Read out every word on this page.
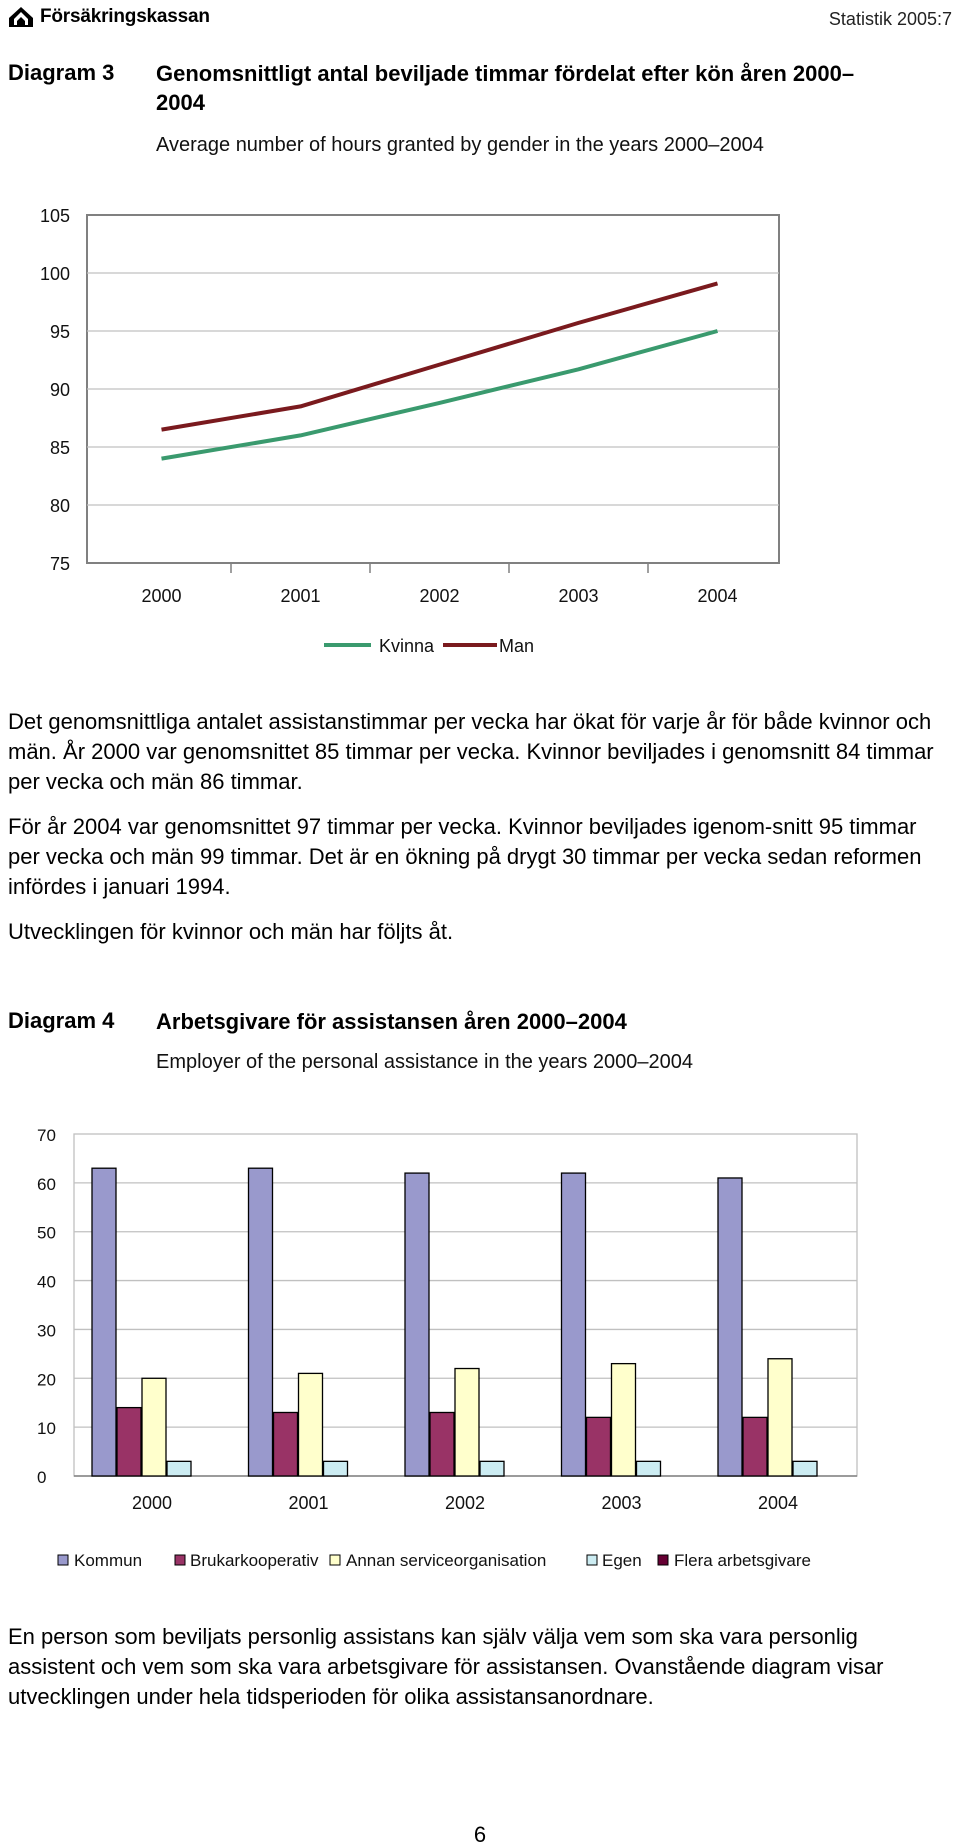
Försäkringskassan	Statistik 2005:7
Diagram 3 Genomsnittligt antal beviljade timmar fördelat efter kön åren 2000–2004
Average number of hours granted by gender in the years 2000–2004
75
80
85
90
95
100
105
2000	2001	2002	2003	2004
Kvinna	Man

Det genomsnittliga antalet assistanstimmar per vecka har ökat för varje år för både kvinnor och män. År 2000 var genomsnittet 85 timmar per vecka. Kvinnor beviljades i genomsnitt 84 timmar per vecka och män 86 timmar.

För år 2004 var genomsnittet 97 timmar per vecka. Kvinnor beviljades igenom-snitt 95 timmar per vecka och män 99 timmar. Det är en ökning på drygt 30 timmar per vecka sedan reformen infördes i januari 1994.

Utvecklingen för kvinnor och män har följts åt.

Diagram 4 Arbetsgivare för assistansen åren 2000–2004
Employer of the personal assistance in the years 2000–2004
0
10
20
30
40
50
60
70
2000	2001	2002	2003	2004
Kommun	Brukarkooperativ Annan serviceorganisation	Egen Flera arbetsgivare

En person som beviljats personlig assistans kan själv välja vem som ska vara personlig assistent och vem som ska vara arbetsgivare för assistansen. Ovanstående diagram visar utvecklingen under hela tidsperioden för olika assistansanordnare.

6
